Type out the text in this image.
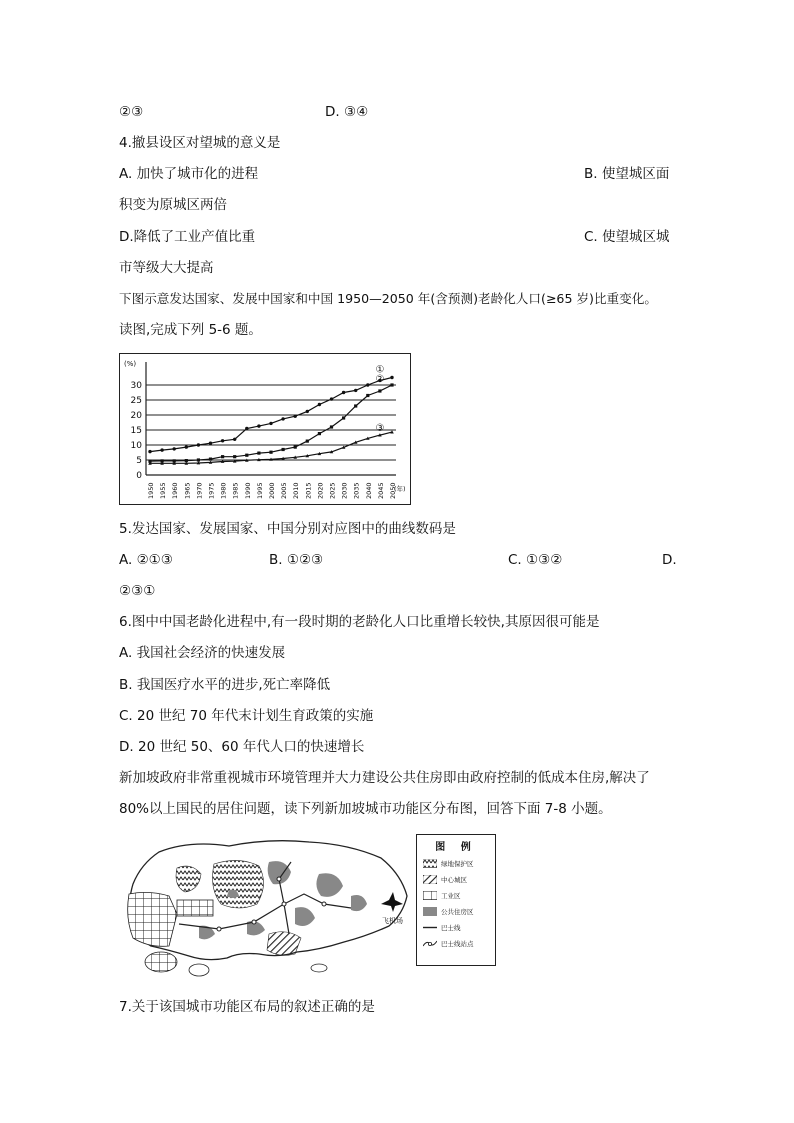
②③	D. ③④
4.撤县设区对望城的意义是
A. 加快了城市化的进程	B. 使望城区面
积变为原城区两倍
D.降低了工业产值比重	C. 使望城区城
市等级大大提高
下图示意发达国家、发展中国家和中国 1950—2050 年(含预测)老龄化人口(≥65 岁)比重变化。
读图,完成下列 5-6 题。
0
5
10
15
20
25
30
(%)
1950 1955 1960 1965 1970 1975 1980 1985 1990 1995 2000 2005 2010 2015 2020 2025 2030 2035 2040 2045 2050
(年)
①
②
③
5.发达国家、发展国家、中国分别对应图中的曲线数码是
A. ②①③	B. ①②③	C. ①③②	D.
②③①
6.图中中国老龄化进程中,有一段时期的老龄化人口比重增长较快,其原因很可能是
A. 我国社会经济的快速发展
B. 我国医疗水平的进步,死亡率降低
C. 20 世纪 70 年代末计划生育政策的实施
D. 20 世纪 50、60 年代人口的快速增长
新加坡政府非常重视城市环境管理并大力建设公共住房即由政府控制的低成本住房,解决了
80%以上国民的居住问题，读下列新加坡城市功能区分布图，回答下面 7-8 小题。
飞机场
图 例
绿地保护区
中心城区
工业区
公共住房区
巴士线
巴士线站点
7.关于该国城市功能区布局的叙述正确的是
